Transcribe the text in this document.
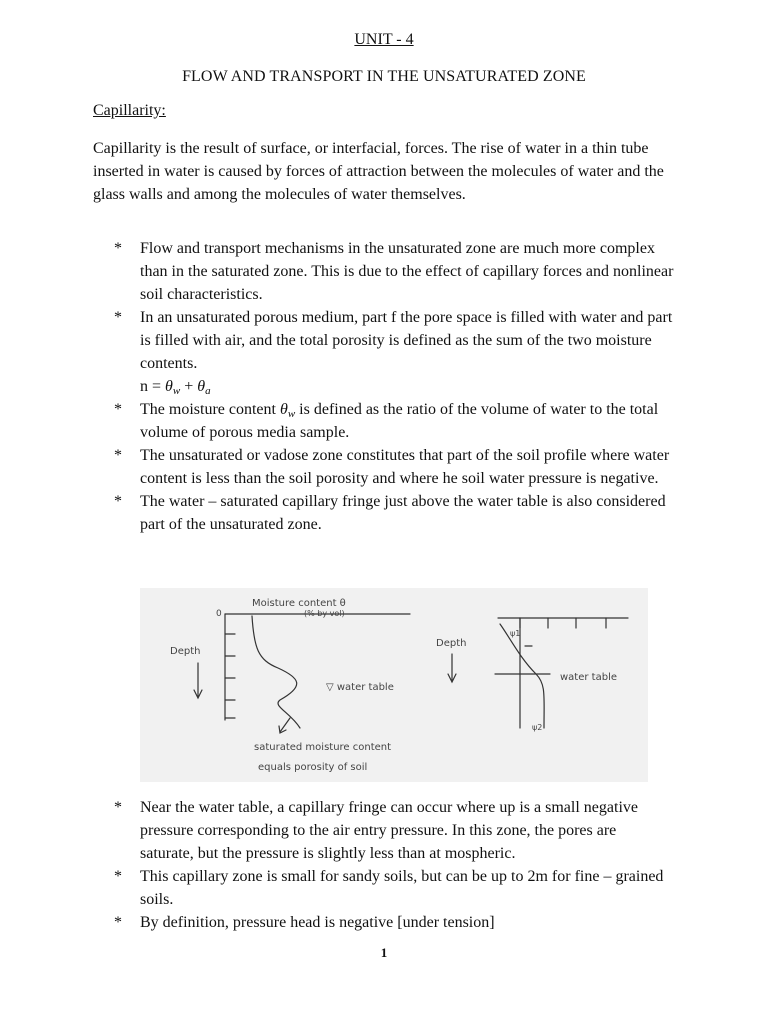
UNIT - 4
FLOW AND TRANSPORT IN THE UNSATURATED ZONE
Capillarity:
Capillarity is the result of surface, or interfacial, forces. The rise of water in a thin tube inserted in water is caused by forces of attraction between the molecules of water and the glass walls and among the molecules of water themselves.
* Flow and transport mechanisms in the unsaturated zone are much more complex than in the saturated zone. This is due to the effect of capillary forces and nonlinear soil characteristics.
* In an unsaturated porous medium, part f the pore space is filled with water and part is filled with air, and the total porosity is defined as the sum of the two moisture contents.
$n = \theta_w + \theta_a$
* The moisture content $\theta_w$ is defined as the ratio of the volume of water to the total volume of porous media sample.
* The unsaturated or vadose zone constitutes that part of the soil profile where water content is less than the soil porosity and where he soil water pressure is negative.
* The water – saturated capillary fringe just above the water table is also considered part of the unsaturated zone.
Moisture content θ
(% by vol)
0
Depth
▽ water table
saturated moisture content
equals porosity of soil
Depth
ψ1
water table
ψ2
* Near the water table, a capillary fringe can occur where up is a small negative pressure corresponding to the air entry pressure. In this zone, the pores are saturate, but the pressure is slightly less than at mospheric.
* This capillary zone is small for sandy soils, but can be up to 2m for fine – grained soils.
* By definition, pressure head is negative [under tension]
1
